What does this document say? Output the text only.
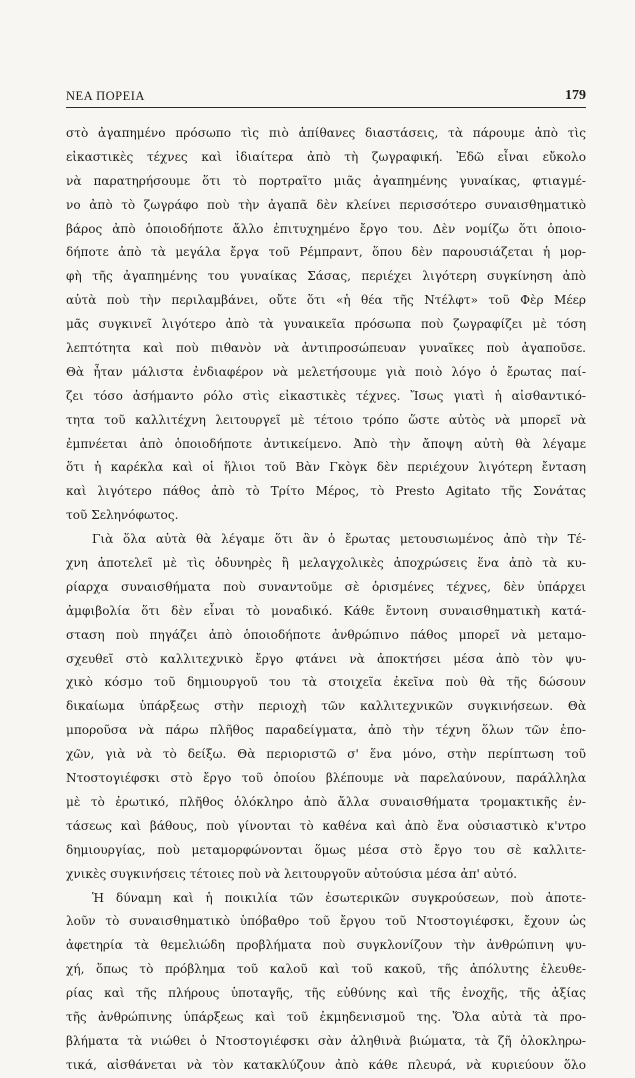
ΝΕΑ ΠΟΡΕΙΑ	179
στὸ ἀγαπημένο πρόσωπο τὶς πιὸ ἀπίθανες διαστάσεις, τὰ πάρουμε ἀπὸ τὶς
εἰκαστικὲς τέχνες καὶ ἰδιαίτερα ἀπὸ τὴ ζωγραφική. Ἐδῶ εἶναι εὔκολο
νὰ παρατηρήσουμε ὅτι τὸ πορτραῖτο μιᾶς ἀγαπημένης γυναίκας, φτιαγμέ-
νο ἀπὸ τὸ ζωγράφο ποὺ τὴν ἀγαπᾶ δὲν κλείνει περισσότερο συναισθηματικὸ
βάρος ἀπὸ ὁποιοδήποτε ἄλλο ἐπιτυχημένο ἔργο του. Δὲν νομίζω ὅτι ὁποιο-
δήποτε ἀπὸ τὰ μεγάλα ἔργα τοῦ Ρέμπραντ, ὅπου δὲν παρουσιάζεται ἡ μορ-
φὴ τῆς ἀγαπημένης του γυναίκας Σάσας, περιέχει λιγότερη συγκίνηση ἀπὸ
αὐτὰ ποὺ τὴν περιλαμβάνει, οὔτε ὅτι «ἡ θέα τῆς Ντέλφτ» τοῦ Φὲρ Μέερ
μᾶς συγκινεῖ λιγότερο ἀπὸ τὰ γυναικεῖα πρόσωπα ποὺ ζωγραφίζει μὲ τόση
λεπτότητα καὶ ποὺ πιθανὸν νὰ ἀντιπροσώπευαν γυναῖκες ποὺ ἀγαποῦσε.
Θὰ ἦταν μάλιστα ἐνδιαφέρον νὰ μελετήσουμε γιὰ ποιὸ λόγο ὁ ἔρωτας παί-
ζει τόσο ἀσήμαντο ρόλο στὶς εἰκαστικὲς τέχνες. Ἴσως γιατὶ ἡ αἰσθαντικό-
τητα τοῦ καλλιτέχνη λειτουργεῖ μὲ τέτοιο τρόπο ὥστε αὐτὸς νὰ μπορεῖ νὰ
ἐμπνέεται ἀπὸ ὁποιοδήποτε ἀντικείμενο. Ἀπὸ τὴν ἄποψη αὐτὴ θὰ λέγαμε
ὅτι ἡ καρέκλα καὶ οἱ ἥλιοι τοῦ Βὰν Γκὸγκ δὲν περιέχουν λιγότερη ἔνταση
καὶ λιγότερο πάθος ἀπὸ τὸ Τρίτο Μέρος, τὸ Presto Agitato τῆς Σονάτας
τοῦ Σεληνόφωτος.
Γιὰ ὅλα αὐτὰ θὰ λέγαμε ὅτι ἂν ὁ ἔρωτας μετουσιωμένος ἀπὸ τὴν Τέ-
χνη ἀποτελεῖ μὲ τὶς ὀδυνηρὲς ἢ μελαγχολικὲς ἀποχρώσεις ἕνα ἀπὸ τὰ κυ-
ρίαρχα συναισθήματα ποὺ συναντοῦμε σὲ ὁρισμένες τέχνες, δὲν ὑπάρχει
ἀμφιβολία ὅτι δὲν εἶναι τὸ μοναδικό. Κάθε ἔντονη συναισθηματικὴ κατά-
σταση ποὺ πηγάζει ἀπὸ ὁποιοδήποτε ἀνθρώπινο πάθος μπορεῖ νὰ μεταμο-
σχευθεῖ στὸ καλλιτεχνικὸ ἔργο φτάνει νὰ ἀποκτήσει μέσα ἀπὸ τὸν ψυ-
χικὸ κόσμο τοῦ δημιουργοῦ του τὰ στοιχεῖα ἐκεῖνα ποὺ θὰ τῆς δώσουν
δικαίωμα ὑπάρξεως στὴν περιοχὴ τῶν καλλιτεχνικῶν συγκινήσεων. Θὰ
μποροῦσα νὰ πάρω πλῆθος παραδείγματα, ἀπὸ τὴν τέχνη ὅλων τῶν ἐπο-
χῶν, γιὰ νὰ τὸ δείξω. Θὰ περιοριστῶ σ' ἕνα μόνο, στὴν περίπτωση τοῦ
Ντοστογιέφσκι στὸ ἔργο τοῦ ὁποίου βλέπουμε νὰ παρελαύνουν, παράλληλα
μὲ τὸ ἐρωτικό, πλῆθος ὁλόκληρο ἀπὸ ἄλλα συναισθήματα τρομακτικῆς ἐν-
τάσεως καὶ βάθους, ποὺ γίνονται τὸ καθένα καὶ ἀπὸ ἕνα οὐσιαστικὸ κ'ντρο
δημιουργίας, ποὺ μεταμορφώνονται ὅμως μέσα στὸ ἔργο του σὲ καλλιτε-
χνικὲς συγκινήσεις τέτοιες ποὺ νὰ λειτουργοῦν αὐτούσια μέσα ἀπ' αὐτό.
Ἡ δύναμη καὶ ἡ ποικιλία τῶν ἐσωτερικῶν συγκρούσεων, ποὺ ἀποτε-
λοῦν τὸ συναισθηματικὸ ὑπόβαθρο τοῦ ἔργου τοῦ Ντοστογιέφσκι, ἔχουν ὡς
ἀφετηρία τὰ θεμελιώδη προβλήματα ποὺ συγκλονίζουν τὴν ἀνθρώπινη ψυ-
χή, ὅπως τὸ πρόβλημα τοῦ καλοῦ καὶ τοῦ κακοῦ, τῆς ἀπόλυτης ἐλευθε-
ρίας καὶ τῆς πλήρους ὑποταγῆς, τῆς εὐθύνης καὶ τῆς ἐνοχῆς, τῆς ἀξίας
τῆς ἀνθρώπινης ὑπάρξεως καὶ τοῦ ἐκμηδενισμοῦ της. Ὅλα αὐτὰ τὰ προ-
βλήματα τὰ νιώθει ὁ Ντοστογιέφσκι σὰν ἀληθινὰ βιώματα, τὰ ζῆ ὁλοκληρω-
τικά, αἰσθάνεται νὰ τὸν κατακλύζουν ἀπὸ κάθε πλευρά, νὰ κυριεύουν ὅλο
